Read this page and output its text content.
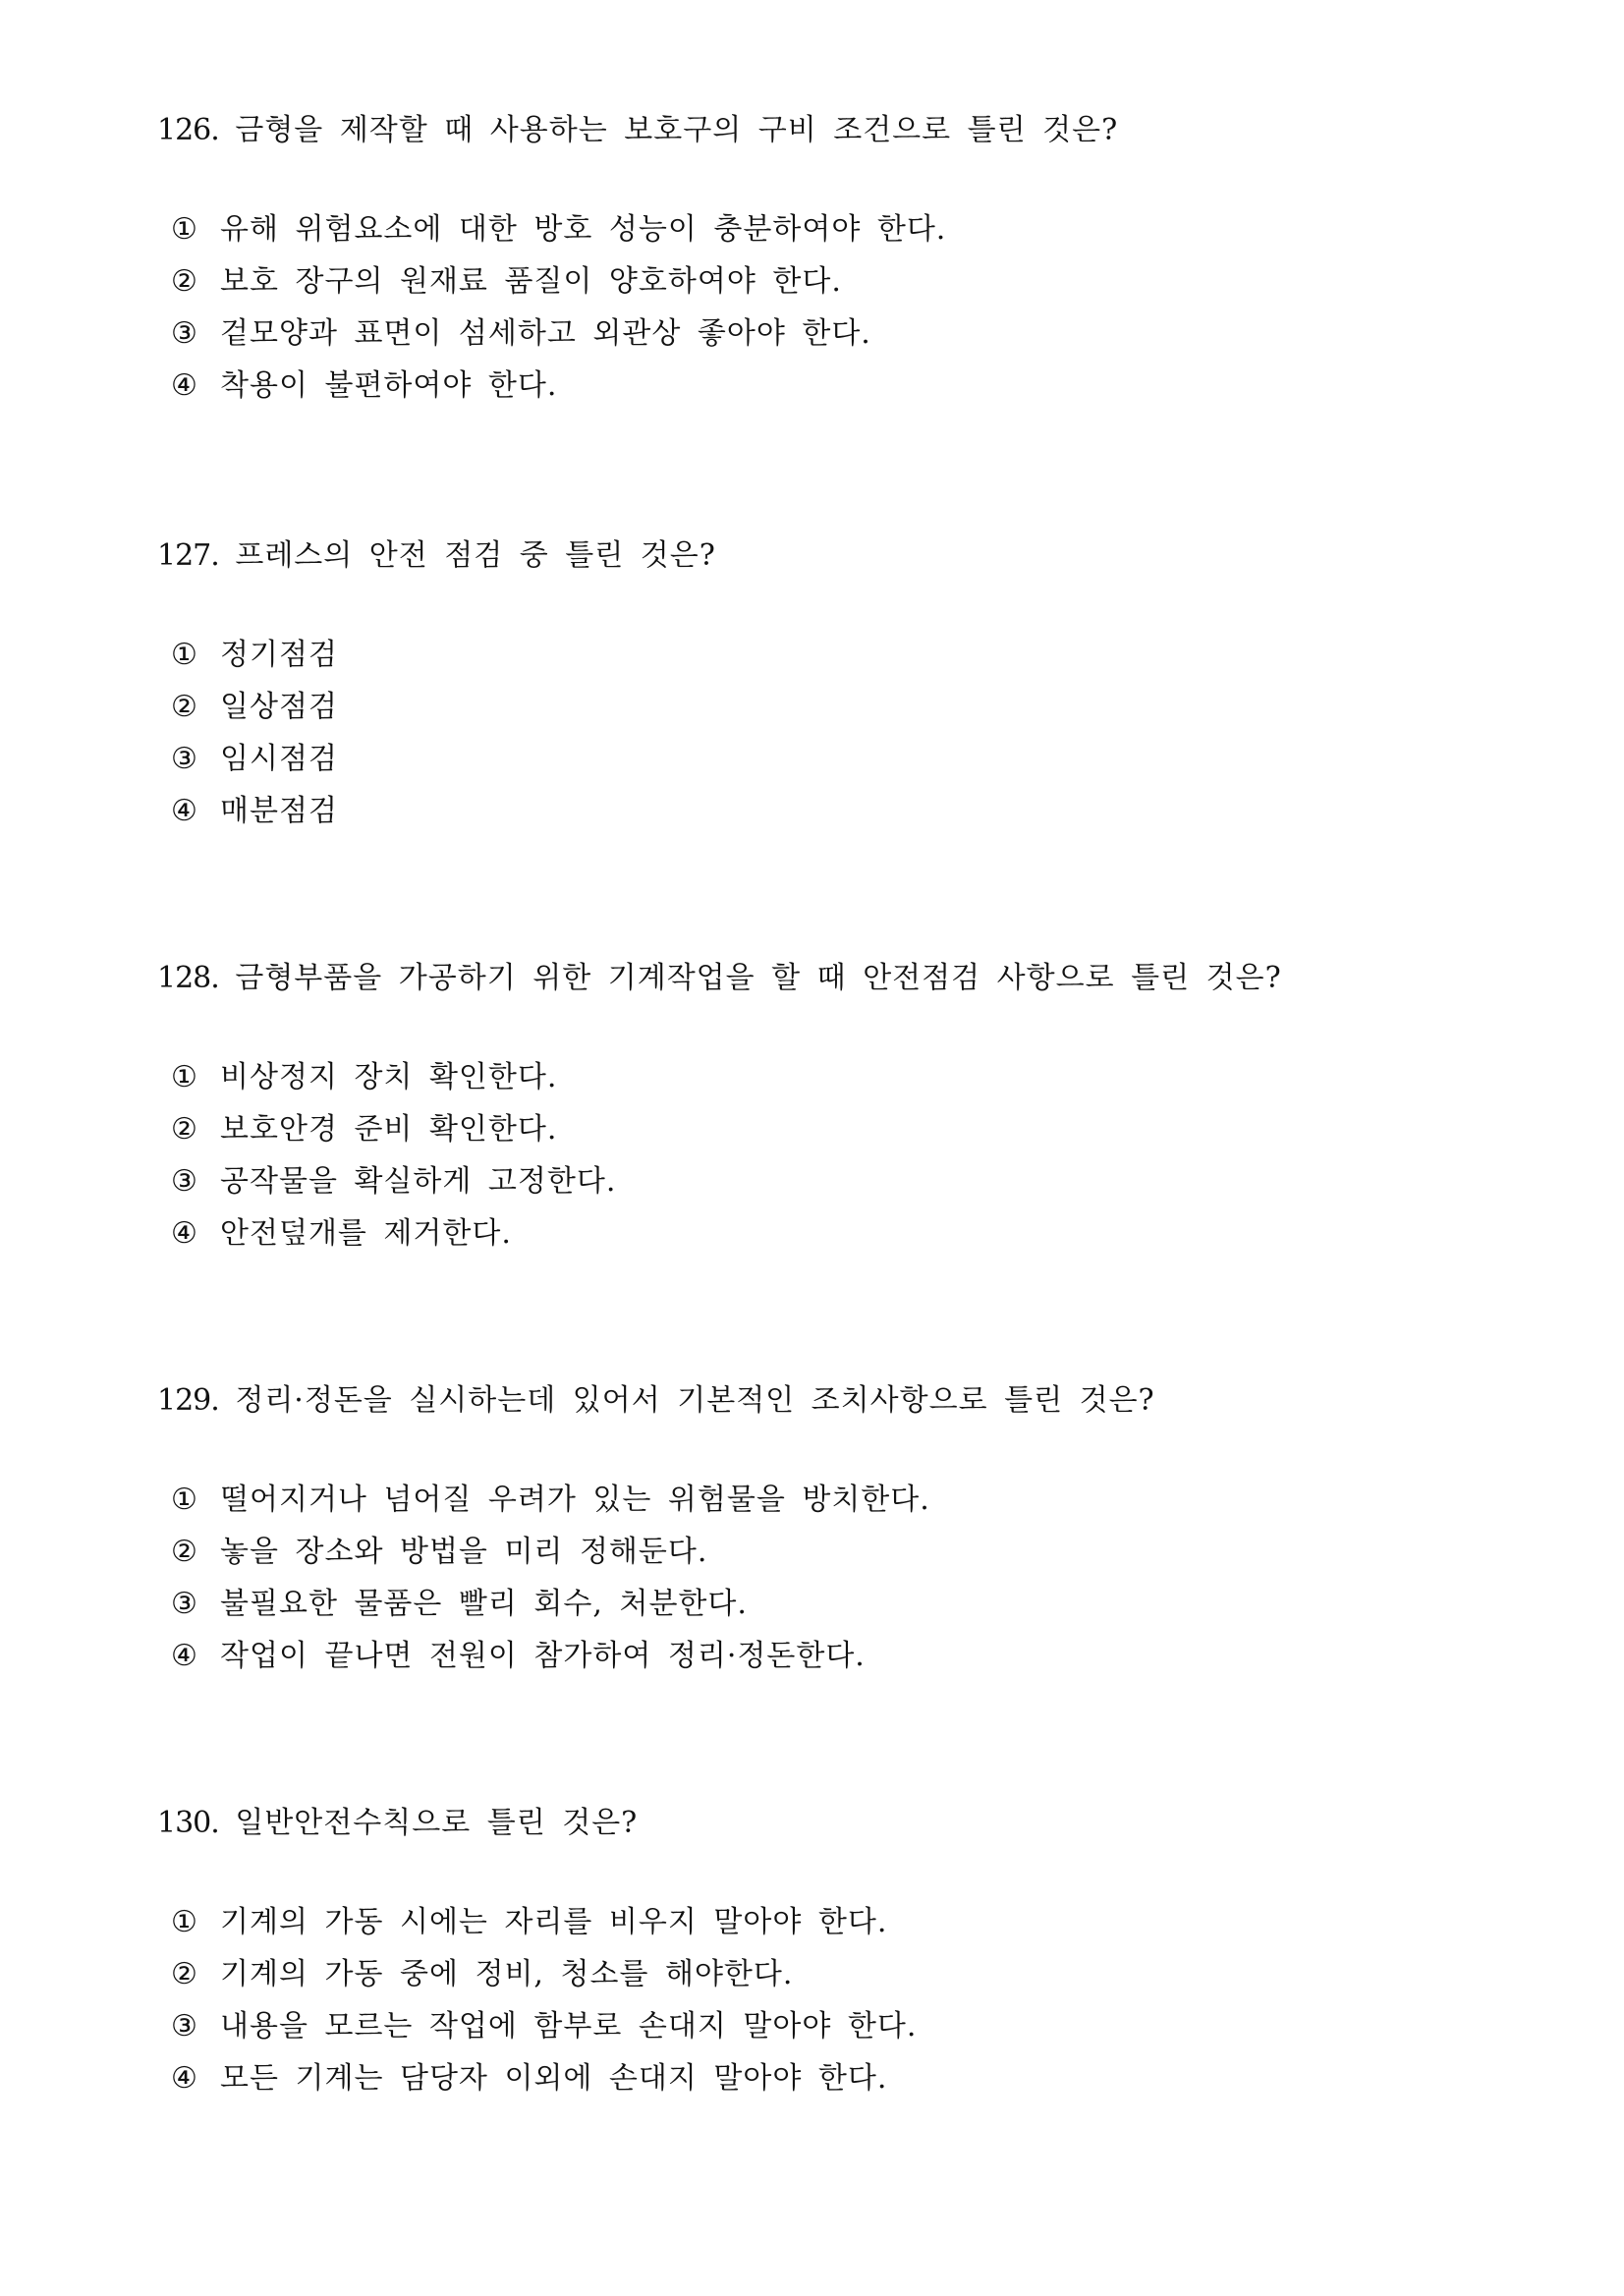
126. 금형을 제작할 때 사용하는 보호구의 구비 조건으로 틀린 것은?
① 유해 위험요소에 대한 방호 성능이 충분하여야 한다.
② 보호 장구의 원재료 품질이 양호하여야 한다.
③ 겉모양과 표면이 섬세하고 외관상 좋아야 한다.
④ 착용이 불편하여야 한다.
127. 프레스의 안전 점검 중 틀린 것은?
① 정기점검
② 일상점검
③ 임시점검
④ 매분점검
128. 금형부품을 가공하기 위한 기계작업을 할 때 안전점검 사항으로 틀린 것은?
① 비상정지 장치 확인한다.
② 보호안경 준비 확인한다.
③ 공작물을 확실하게 고정한다.
④ 안전덮개를 제거한다.
129. 정리·정돈을 실시하는데 있어서 기본적인 조치사항으로 틀린 것은?
① 떨어지거나 넘어질 우려가 있는 위험물을 방치한다.
② 놓을 장소와 방법을 미리 정해둔다.
③ 불필요한 물품은 빨리 회수, 처분한다.
④ 작업이 끝나면 전원이 참가하여 정리·정돈한다.
130. 일반안전수칙으로 틀린 것은?
① 기계의 가동 시에는 자리를 비우지 말아야 한다.
② 기계의 가동 중에 정비, 청소를 해야한다.
③ 내용을 모르는 작업에 함부로 손대지 말아야 한다.
④ 모든 기계는 담당자 이외에 손대지 말아야 한다.
